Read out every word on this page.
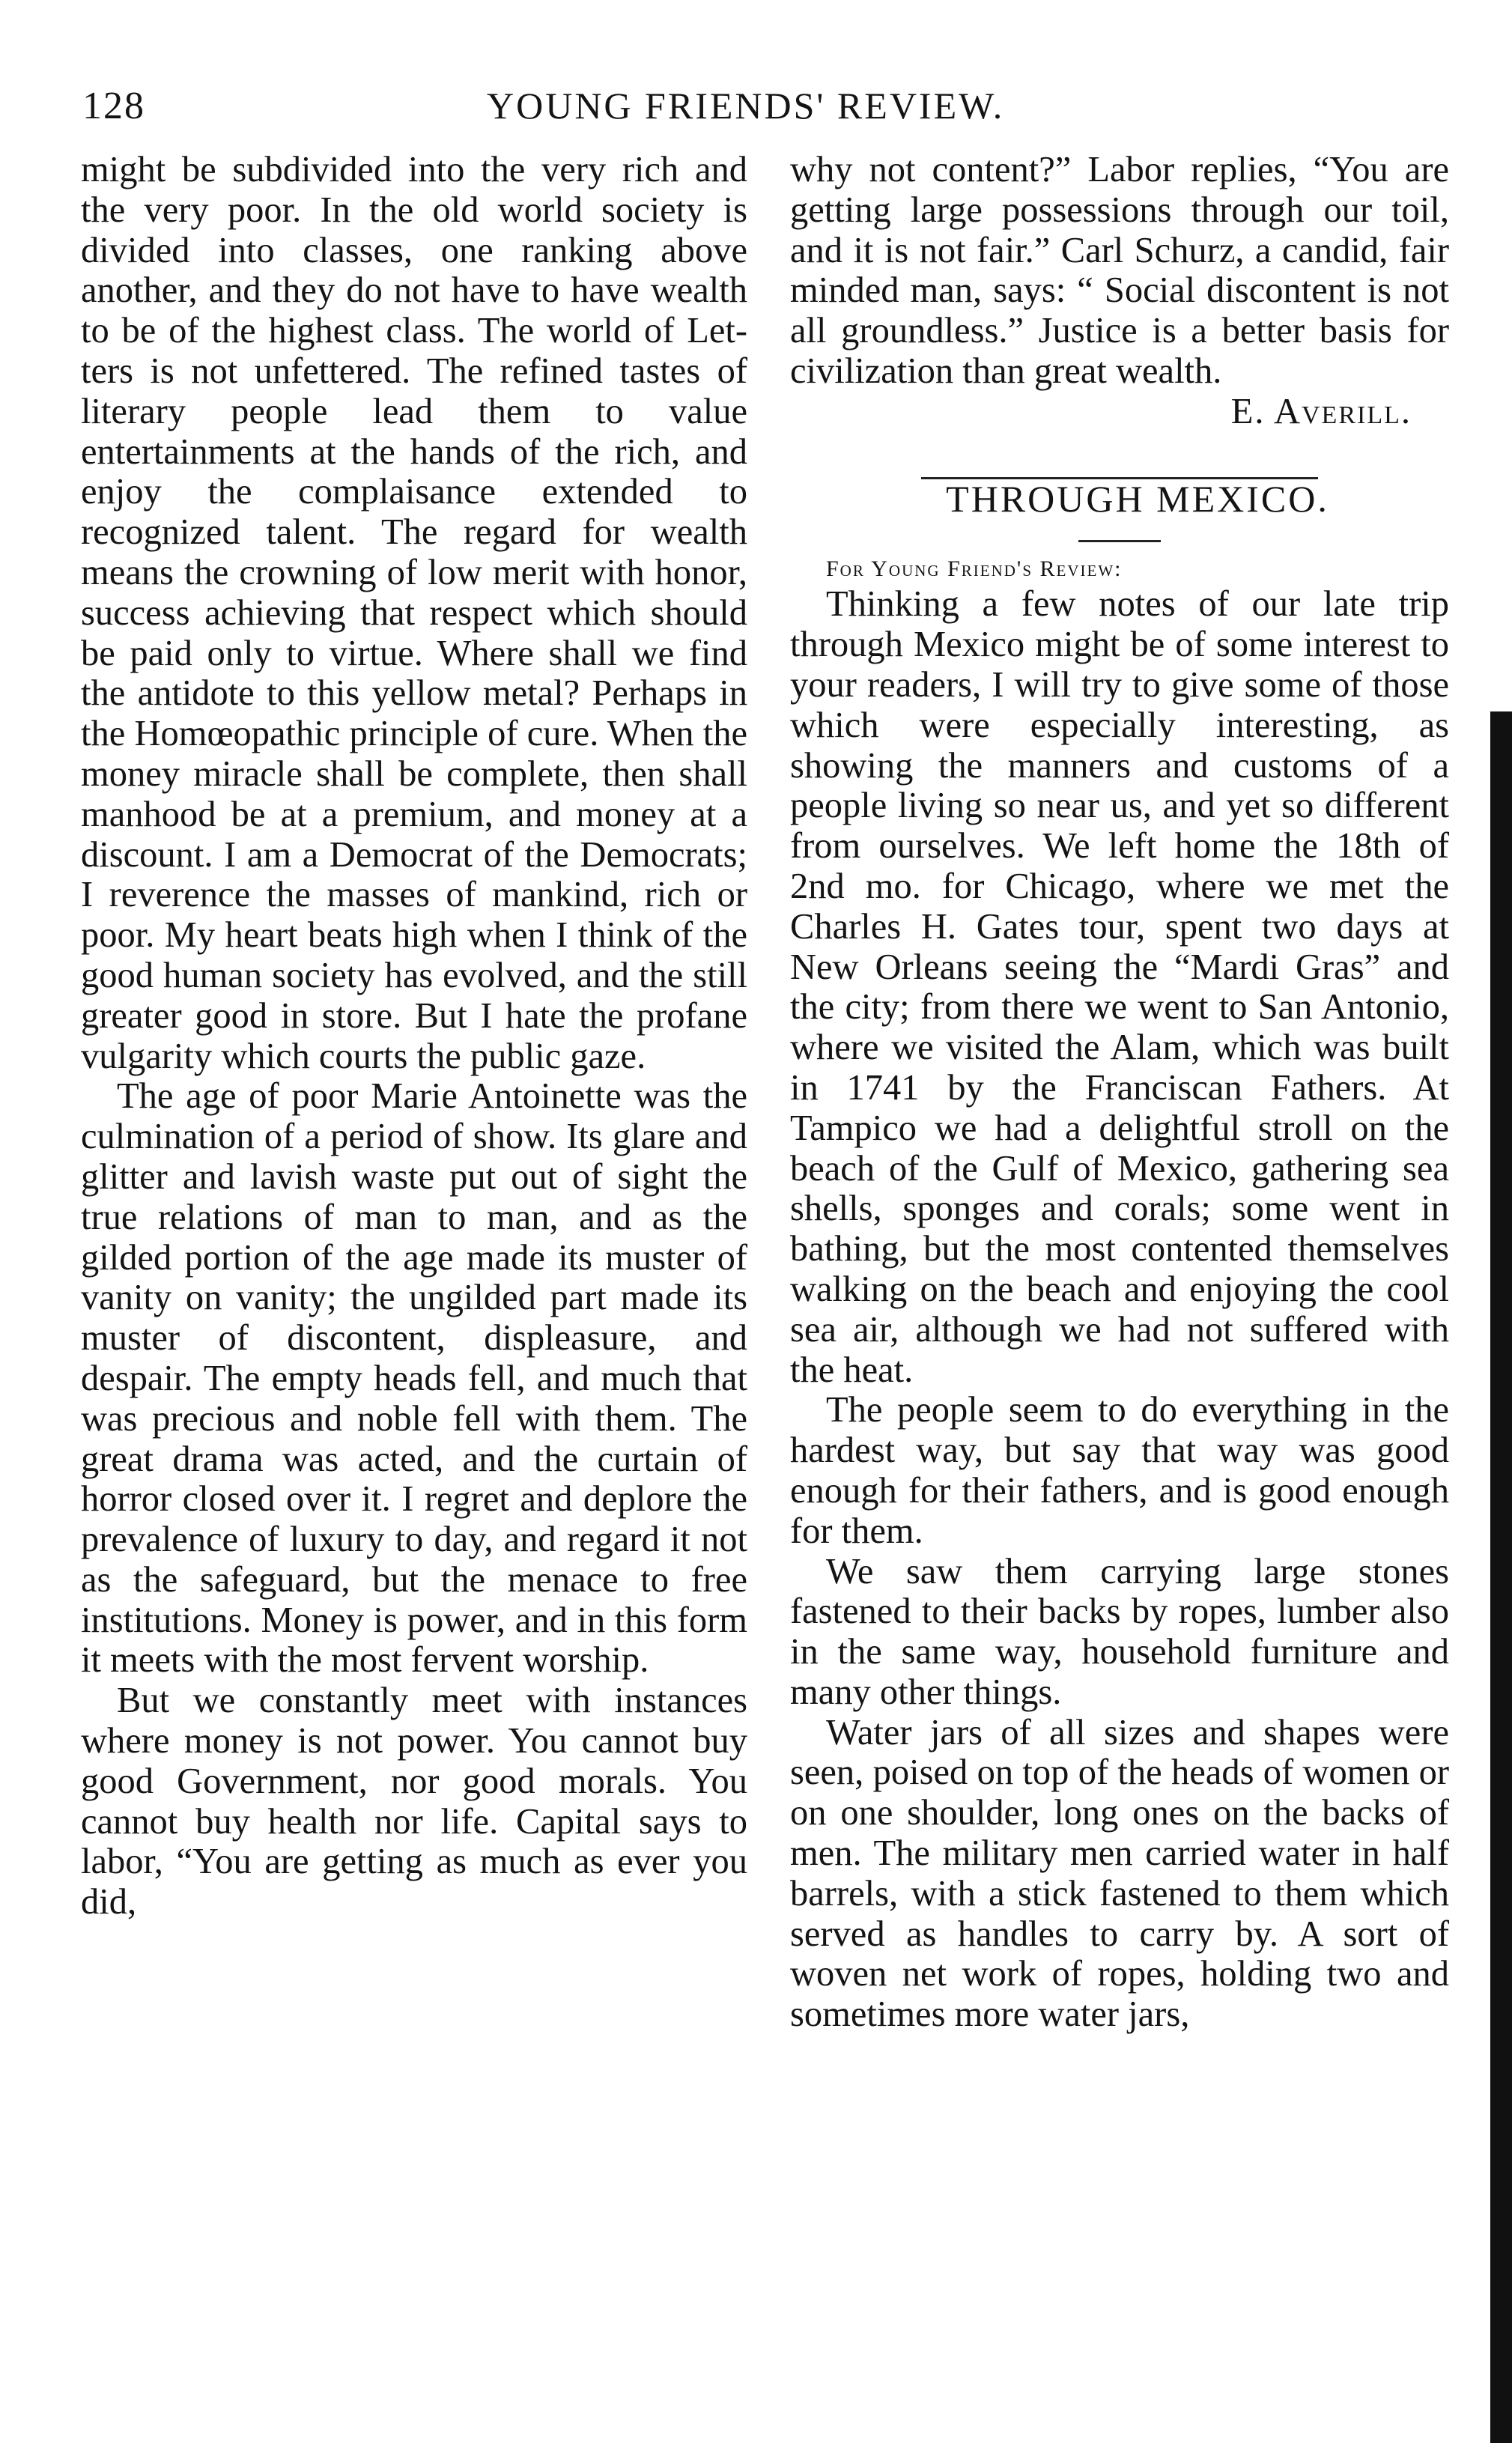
128	YOUNG FRIENDS' REVIEW.

might be subdivided into the very rich and the very poor. In the old world society is divided into classes, one ranking above another, and they do not have to have wealth to be of the highest class. The world of Letters is not unfettered. The refined tastes of literary people lead them to value entertainments at the hands of the rich, and enjoy the complaisance extended to recognized talent. The regard for wealth means the crowning of low merit with honor, success achieving that respect which should be paid only to virtue. Where shall we find the antidote to this yellow metal? Perhaps in the Homœopathic principle of cure. When the money miracle shall be complete, then shall manhood be at a premium, and money at a discount. I am a Democrat of the Democrats; I reverence the masses of mankind, rich or poor. My heart beats high when I think of the good human society has evolved, and the still greater good in store. But I hate the profane vulgarity which courts the public gaze.

The age of poor Marie Antoinette was the culmination of a period of show. Its glare and glitter and lavish waste put out of sight the true relations of man to man, and as the gilded portion of the age made its muster of vanity on vanity; the ungilded part made its muster of discontent, displeasure, and despair. The empty heads fell, and much that was precious and noble fell with them. The great drama was acted, and the curtain of horror closed over it. I regret and deplore the prevalence of luxury to day, and regard it not as the safeguard, but the menace to free institutions. Money is power, and in this form it meets with the most fervent worship.

But we constantly meet with instances where money is not power. You cannot buy good Government, nor good morals. You cannot buy health nor life. Capital says to labor, “You are getting as much as ever you did,

why not content?” Labor replies, “You are getting large possessions through our toil, and it is not fair.” Carl Schurz, a candid, fair minded man, says: “ Social discontent is not all groundless.” Justice is a better basis for civilization than great wealth.

E. Averill.

THROUGH MEXICO.

For Young Friend's Review:

Thinking a few notes of our late trip through Mexico might be of some interest to your readers, I will try to give some of those which were especially interesting, as showing the manners and customs of a people living so near us, and yet so different from ourselves. We left home the 18th of 2nd mo. for Chicago, where we met the Charles H. Gates tour, spent two days at New Orleans seeing the “Mardi Gras” and the city; from there we went to San Antonio, where we visited the Alam, which was built in 1741 by the Franciscan Fathers. At Tampico we had a delightful stroll on the beach of the Gulf of Mexico, gathering sea shells, sponges and corals; some went in bathing, but the most contented themselves walking on the beach and enjoying the cool sea air, although we had not suffered with the heat.

The people seem to do everything in the hardest way, but say that way was good enough for their fathers, and is good enough for them.

We saw them carrying large stones fastened to their backs by ropes, lumber also in the same way, household furniture and many other things.

Water jars of all sizes and shapes were seen, poised on top of the heads of women or on one shoulder, long ones on the backs of men. The military men carried water in half barrels, with a stick fastened to them which served as handles to carry by. A sort of woven net work of ropes, holding two and sometimes more water jars,
